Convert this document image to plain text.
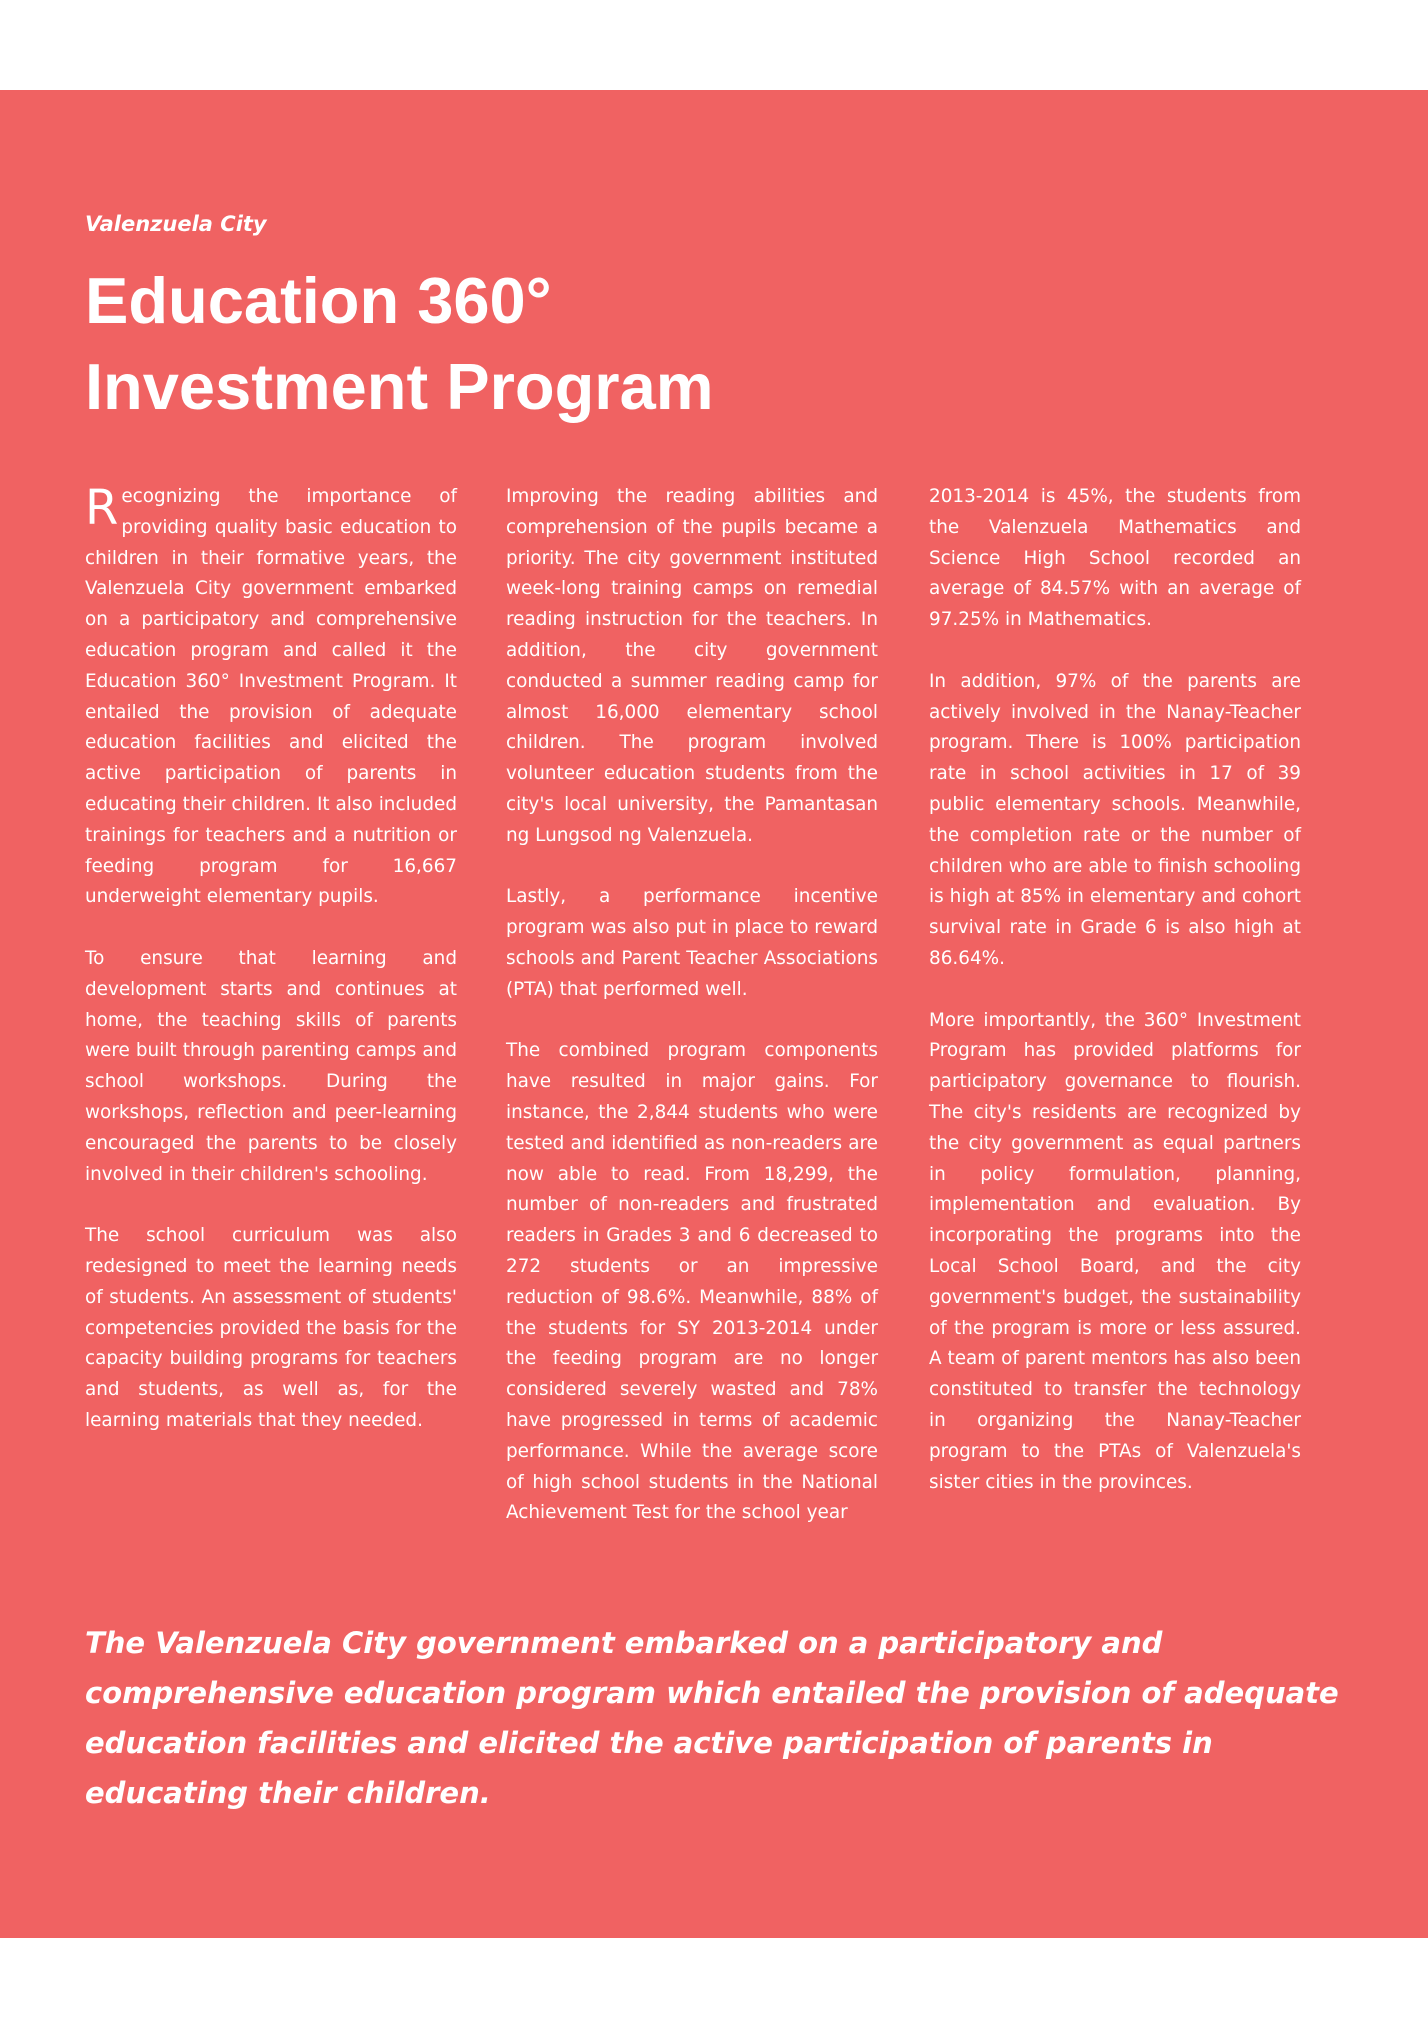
Valenzuela City
Education 360°
Investment Program

Recognizing the importance of providing quality basic education to children in their formative years, the Valenzuela City government embarked on a participatory and comprehensive education program and called it the Education 360° Investment Program. It entailed the provision of adequate education facilities and elicited the active participation of parents in educating their children. It also included trainings for teachers and a nutrition or feeding program for 16,667 underweight elementary pupils.

To ensure that learning and development starts and continues at home, the teaching skills of parents were built through parenting camps and school workshops. During the workshops, reflection and peer-learning encouraged the parents to be closely involved in their children's schooling.

The school curriculum was also redesigned to meet the learning needs of students. An assessment of students' competencies provided the basis for the capacity building programs for teachers and students, as well as, for the learning materials that they needed.

Improving the reading abilities and comprehension of the pupils became a priority. The city government instituted week-long training camps on remedial reading instruction for the teachers. In addition, the city government conducted a summer reading camp for almost 16,000 elementary school children. The program involved volunteer education students from the city's local university, the Pamantasan ng Lungsod ng Valenzuela.

Lastly, a performance incentive program was also put in place to reward schools and Parent Teacher Associations (PTA) that performed well.

The combined program components have resulted in major gains. For instance, the 2,844 students who were tested and identified as non-readers are now able to read. From 18,299, the number of non-readers and frustrated readers in Grades 3 and 6 decreased to 272 students or an impressive reduction of 98.6%. Meanwhile, 88% of the students for SY 2013-2014 under the feeding program are no longer considered severely wasted and 78% have progressed in terms of academic performance. While the average score of high school students in the National Achievement Test for the school year

2013-2014 is 45%, the students from the Valenzuela Mathematics and Science High School recorded an average of 84.57% with an average of 97.25% in Mathematics.

In addition, 97% of the parents are actively involved in the Nanay-Teacher program. There is 100% participation rate in school activities in 17 of 39 public elementary schools. Meanwhile, the completion rate or the number of children who are able to finish schooling is high at 85% in elementary and cohort survival rate in Grade 6 is also high at 86.64%.

More importantly, the 360° Investment Program has provided platforms for participatory governance to flourish. The city's residents are recognized by the city government as equal partners in policy formulation, planning, implementation and evaluation. By incorporating the programs into the Local School Board, and the city government's budget, the sustainability of the program is more or less assured. A team of parent mentors has also been constituted to transfer the technology in organizing the Nanay-Teacher program to the PTAs of Valenzuela's sister cities in the provinces.

The Valenzuela City government embarked on a participatory and comprehensive education program which entailed the provision of adequate education facilities and elicited the active participation of parents in educating their children.
